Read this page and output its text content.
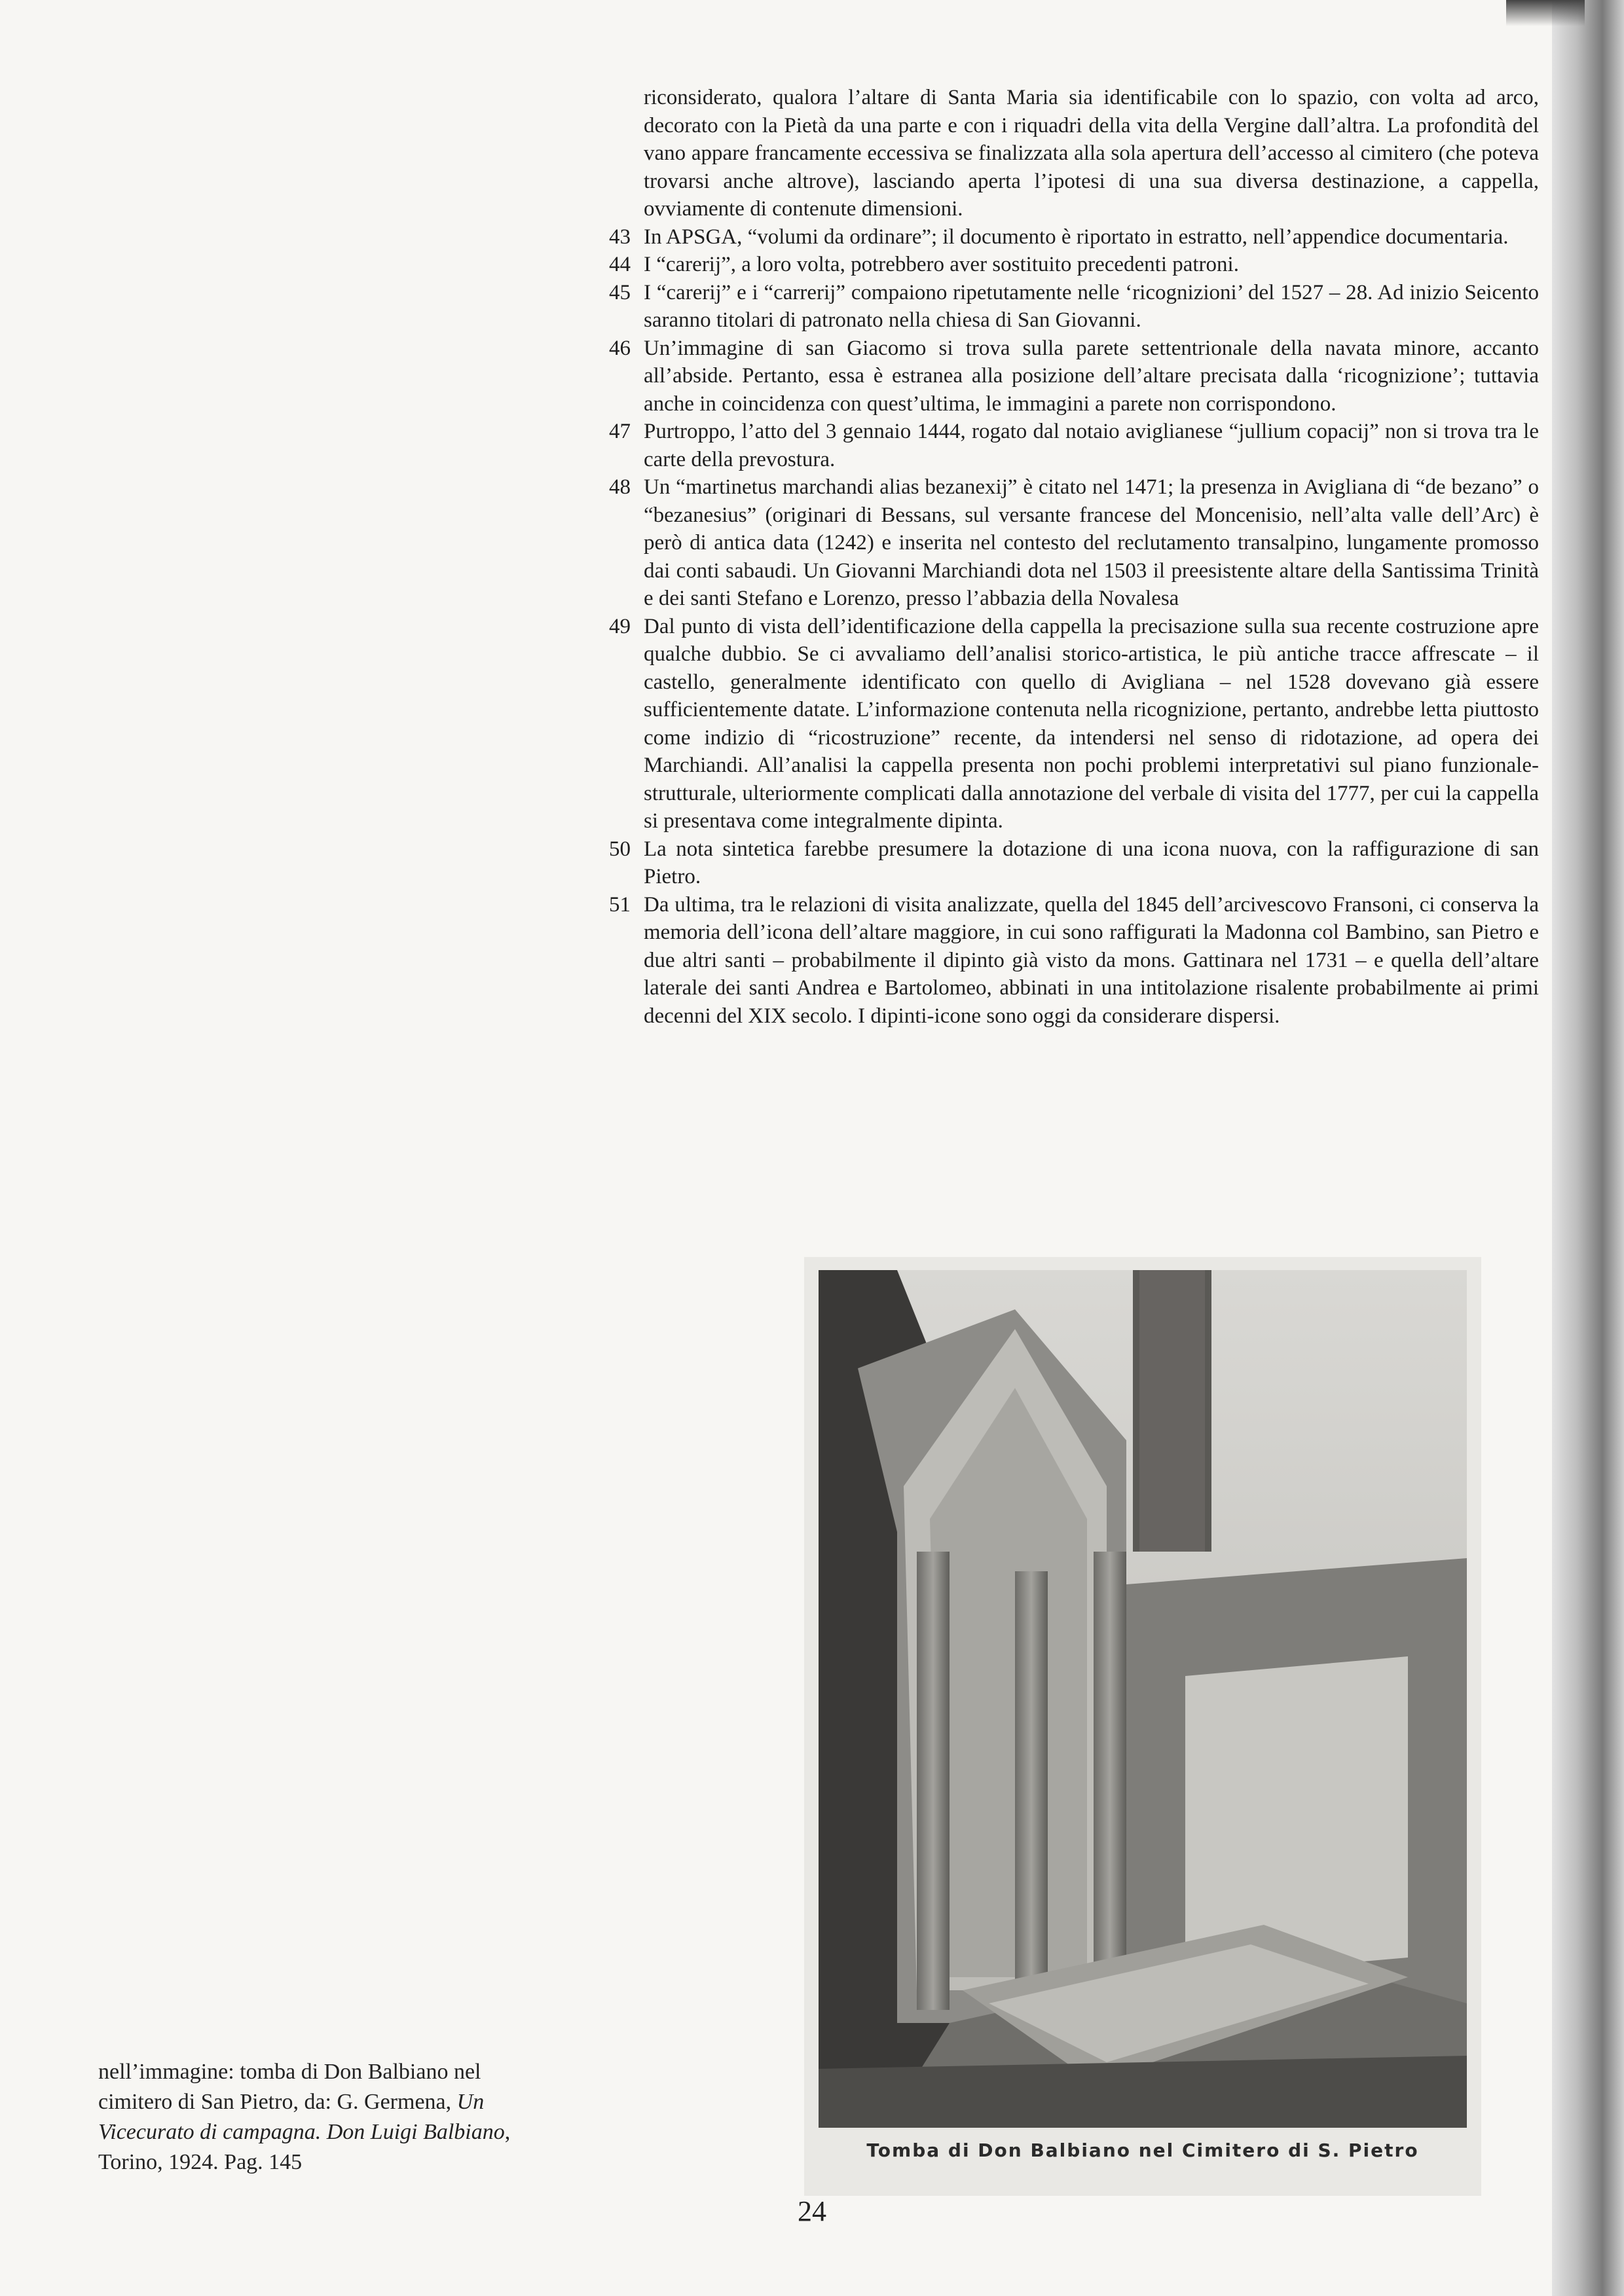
riconsiderato, qualora l’altare di Santa Maria sia identificabile con lo spazio, con volta ad arco, decorato con la Pietà da una parte e con i riquadri della vita della Vergine dall’altra. La profondità del vano appare francamente eccessiva se finalizzata alla sola apertura dell’accesso al cimitero (che poteva trovarsi anche altrove), lasciando aperta l’ipotesi di una sua diversa destinazione, a cappella, ovviamente di contenute dimensioni.

43 In APSGA, “volumi da ordinare”; il documento è riportato in estratto, nell’appendice documentaria.

44 I “carerij”, a loro volta, potrebbero aver sostituito precedenti patroni.

45 I “carerij” e i “carrerij” compaiono ripetutamente nelle ‘ricognizioni’ del 1527 – 28. Ad inizio Seicento saranno titolari di patronato nella chiesa di San Giovanni.

46 Un’immagine di san Giacomo si trova sulla parete settentrionale della navata minore, accanto all’abside. Pertanto, essa è estranea alla posizione dell’altare precisata dalla ‘ricognizione’; tuttavia anche in coincidenza con quest’ultima, le immagini a parete non corrispondono.

47 Purtroppo, l’atto del 3 gennaio 1444, rogato dal notaio aviglianese “jullium copacij” non si trova tra le carte della prevostura.

48 Un “martinetus marchandi alias bezanexij” è citato nel 1471; la presenza in Avigliana di “de bezano” o “bezanesius” (originari di Bessans, sul versante francese del Moncenisio, nell’alta valle dell’Arc) è però di antica data (1242) e inserita nel contesto del reclutamento transalpino, lungamente promosso dai conti sabaudi. Un Giovanni Marchiandi dota nel 1503 il preesistente altare della Santissima Trinità e dei santi Stefano e Lorenzo, presso l’abbazia della Novalesa

49 Dal punto di vista dell’identificazione della cappella la precisazione sulla sua recente costruzione apre qualche dubbio. Se ci avvaliamo dell’analisi storico-artistica, le più antiche tracce affrescate – il castello, generalmente identificato con quello di Avigliana – nel 1528 dovevano già essere sufficientemente datate. L’informazione contenuta nella ricognizione, pertanto, andrebbe letta piuttosto come indizio di “ricostruzione” recente, da intendersi nel senso di ridotazione, ad opera dei Marchiandi. All’analisi la cappella presenta non pochi problemi interpretativi sul piano funzionale-strutturale, ulteriormente complicati dalla annotazione del verbale di visita del 1777, per cui la cappella si presentava come integralmente dipinta.

50 La nota sintetica farebbe presumere la dotazione di una icona nuova, con la raffigurazione di san Pietro.

51 Da ultima, tra le relazioni di visita analizzate, quella del 1845 dell’arcivescovo Fransoni, ci conserva la memoria dell’icona dell’altare maggiore, in cui sono raffigurati la Madonna col Bambino, san Pietro e due altri santi – probabilmente il dipinto già visto da mons. Gattinara nel 1731 – e quella dell’altare laterale dei santi Andrea e Bartolomeo, abbinati in una intitolazione risalente probabilmente ai primi decenni del XIX secolo. I dipinti-icone sono oggi da considerare dispersi.

Tomba di Don Balbiano nel Cimitero di S. Pietro
nell’immagine: tomba di Don Balbiano nel cimitero di San Pietro, da: G. Germena, Un Vicecurato di campagna. Don Luigi Balbiano, Torino, 1924. Pag. 145
24
